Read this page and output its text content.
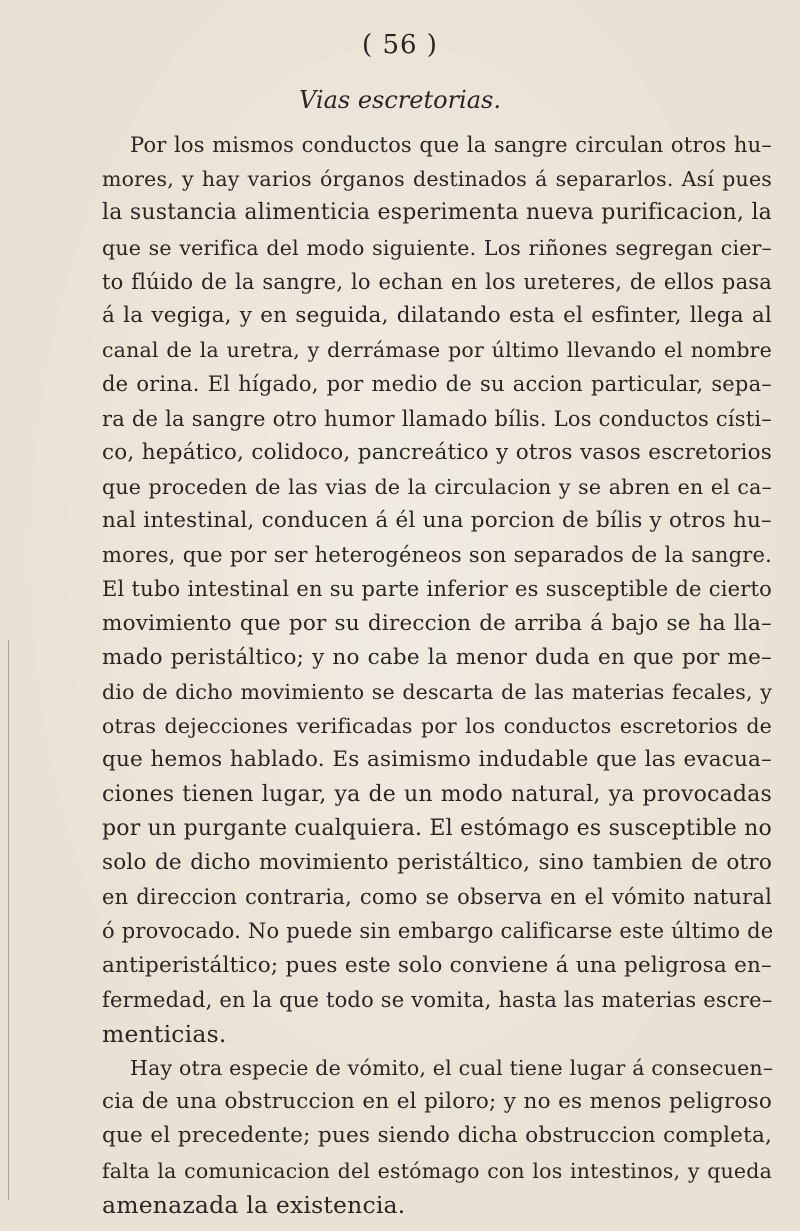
( 56 )
Vias escretorias.
Por los mismos conductos que la sangre circulan otros hu–
mores, y hay varios órganos destinados á separarlos. Así pues
la sustancia alimenticia esperimenta nueva purificacion, la
que se verifica del modo siguiente. Los riñones segregan cier–
to flúido de la sangre, lo echan en los ureteres, de ellos pasa
á la vegiga, y en seguida, dilatando esta el esfinter, llega al
canal de la uretra, y derrámase por último llevando el nombre
de orina. El hígado, por medio de su accion particular, sepa–
ra de la sangre otro humor llamado bílis. Los conductos císti–
co, hepático, colidoco, pancreático y otros vasos escretorios
que proceden de las vias de la circulacion y se abren en el ca–
nal intestinal, conducen á él una porcion de bílis y otros hu–
mores, que por ser heterogéneos son separados de la sangre.
El tubo intestinal en su parte inferior es susceptible de cierto
movimiento que por su direccion de arriba á bajo se ha lla–
mado peristáltico; y no cabe la menor duda en que por me–
dio de dicho movimiento se descarta de las materias fecales, y
otras dejecciones verificadas por los conductos escretorios de
que hemos hablado. Es asimismo indudable que las evacua–
ciones tienen lugar, ya de un modo natural, ya provocadas
por un purgante cualquiera. El estómago es susceptible no
solo de dicho movimiento peristáltico, sino tambien de otro
en direccion contraria, como se observa en el vómito natural
ó provocado. No puede sin embargo calificarse este último de
antiperistáltico; pues este solo conviene á una peligrosa en–
fermedad, en la que todo se vomita, hasta las materias escre–
menticias.
Hay otra especie de vómito, el cual tiene lugar á consecuen–
cia de una obstruccion en el piloro; y no es menos peligroso
que el precedente; pues siendo dicha obstruccion completa,
falta la comunicacion del estómago con los intestinos, y queda
amenazada la existencia.
